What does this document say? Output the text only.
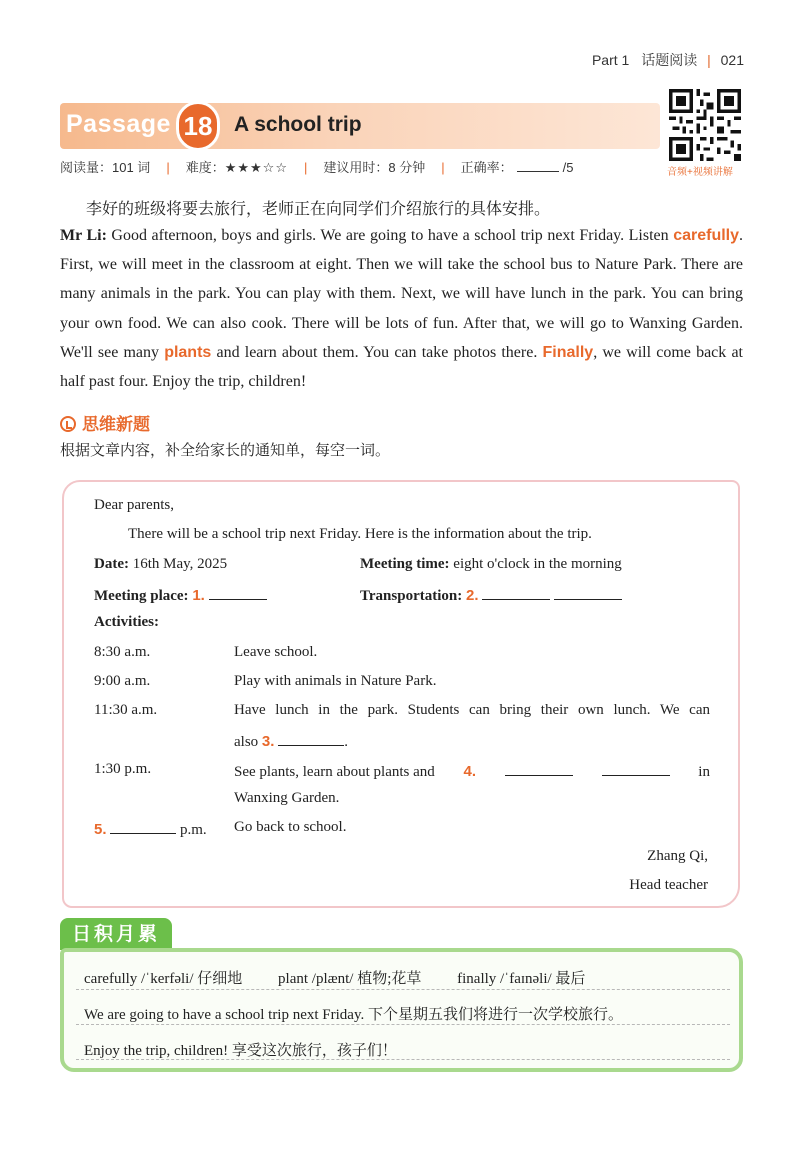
Part 1 话题阅读 | 021
Passage 18	A school trip
音频+视频讲解
阅读量：101 词 | 难度：★★★☆☆ | 建议用时：8 分钟 | 正确率：	/5
李好的班级将要去旅行，老师正在向同学们介绍旅行的具体安排。
Mr Li: Good afternoon, boys and girls. We are going to have a school trip next Friday. Listen carefully. First, we will meet in the classroom at eight. Then we will take the school bus to Nature Park. There are many animals in the park. You can play with them. Next, we will have lunch in the park. You can bring your own food. We can also cook. There will be lots of fun. After that, we will go to Wanxing Garden. We'll see many plants and learn about them. You can take photos there. Finally, we will come back at half past four. Enjoy the trip, children!
思维新题
根据文章内容，补全给家长的通知单，每空一词。
Dear parents,
There will be a school trip next Friday. Here is the information about the trip.
Date: 16th May, 2025	Meeting time: eight o'clock in the morning
Meeting place: 1.	Transportation: 2.
Activities:
8:30 a.m.	Leave school.
9:00 a.m.	Play with animals in Nature Park.
11:30 a.m.	Have lunch in the park. Students can bring their own lunch. We can
also 3.	.
1:30 p.m.	See plants, learn about plants and 4.	in
Wanxing Garden.
5.	p.m. Go back to school.
Zhang Qi,
Head teacher
日积月累
carefully /ˈkerfəli/ 仔细地 plant /plænt/ 植物;花草 finally /ˈfaɪnəli/ 最后
We are going to have a school trip next Friday. 下个星期五我们将进行一次学校旅行。
Enjoy the trip, children! 享受这次旅行，孩子们！
